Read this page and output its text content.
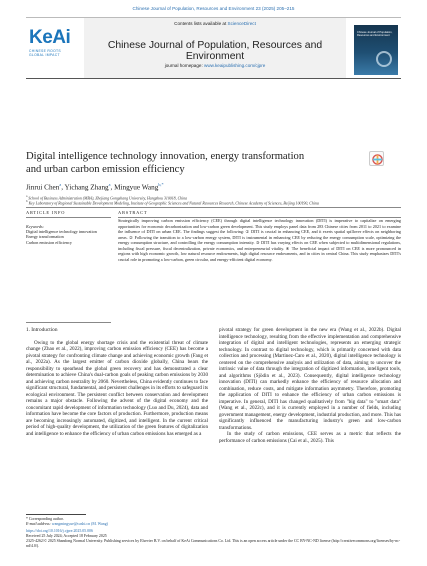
Chinese Journal of Population, Resources and Environment 23 (2025) 205–215
KeAi
CHINESE ROOTS
GLOBAL IMPACT
Contents lists available at ScienceDirect
Chinese Journal of Population, Resources and Environment
journal homepage: www.keaipublishing.com/cjpre
Chinese Journal of Population, Resources and Environment
Digital intelligence technology innovation, energy transformation
and urban carbon emission efficiency
Jinrui Chen$^a$, Yichang Zhang$^a$, Mingyue Wang$^{b,*}$
$^a$ School of Business Administration (MBA), Zhejiang Gongshang University, Hangzhou 310018, China
$^b$ Key Laboratory of Regional Sustainable Development Modeling, Institute of Geographic Sciences and Natural Resources Research, Chinese Academy of Sciences, Beijing 100190, China
ARTICLE INFO	ABSTRACT
Keywords:
Digital intelligence technology innovation
Energy transformation
Carbon emission efficiency
Strategically improving carbon emission efficiency (CEE) through digital intelligence technology innovation (DITI) is imperative to capitalize on emerging opportunities for economic decarbonization and low-carbon green development. This study employs panel data from 283 Chinese cities from 2011 to 2021 to examine the influence of DITI on urban CEE. The findings suggest the following: ① DITI is crucial in enhancing CEE, and it exerts spatial spillover effects on neighboring areas. ② Following the transition to a low-carbon energy system, DITI is instrumental in enhancing CEE by reducing the energy consumption scale, optimizing the energy consumption structure, and controlling the energy consumption intensity. ③ DITI has varying effects on CEE when subjected to multidimensional regulations, including fiscal pressure, fiscal decentralization, private economics, and entrepreneurial vitality. ④ The beneficial impact of DITI on CEE is more pronounced in regions with high economic growth, low natural resource endowments, high digital resource endowments, and in cities in central China. This study emphasizes DITI's crucial role in promoting a low-carbon, green circular, and energy-efficient digital economy.
1. Introduction

Owing to the global energy shortage crisis and the existential threat of climate change (Zhao et al., 2022), improving carbon emission efficiency (CEE) has become a pivotal strategy for confronting climate change and achieving economic growth (Fang et al., 2022a). As the largest emitter of carbon dioxide globally, China bears the responsibility to spearhead the global green recovery and has demonstrated a clear determination to achieve China's dual-carbon goals of peaking carbon emissions by 2030 and achieving carbon neutrality by 2060. Nevertheless, China evidently continues to face significant structural, fundamental, and persistent challenges in its efforts to safeguard its ecological environment. The persistent conflict between conservation and development remains a major obstacle. Following the advent of the digital economy and the concomitant rapid development of information technology (Luo and Du, 2024), data and information have become the core factors of production. Furthermore, production means are becoming increasingly automated, digitized, and intelligent. In the current critical period of high-quality development, the utilization of the green features of digitalization and intelligence to enhance the efficiency of urban carbon emissions has emerged as a

pivotal strategy for green development in the new era (Wang et al., 2022b). Digital intelligence technology, resulting from the effective implementation and comprehensive integration of digital and intelligent technologies, represents an emerging strategic technology. In contrast to digital technology, which is primarily concerned with data collection and processing (Martinez-Caro et al., 2020), digital intelligence technology is centered on the comprehensive analysis and utilization of data, aiming to uncover the intrinsic value of data through the integration of digitized information, intelligent tools, and algorithms (Sjödin et al., 2023). Consequently, digital intelligence technology innovation (DITI) can markedly enhance the efficiency of resource allocation and combination, reduce costs, and mitigate information asymmetry. Therefore, promoting the application of DITI to enhance the efficiency of urban carbon emissions is imperative. In general, DITI has changed qualitatively from "big data" to "smart data" (Wang et al., 2022c), and it is currently employed in a number of fields, including government management, energy development, industrial production, and more. This has significantly influenced the manufacturing industry's green and low-carbon transformations.

In the study of carbon emissions, CEE serves as a metric that reflects the performance of carbon emissions (Cai et al., 2025). This

* Corresponding author.
E-mail address: wangmingyue@cashi.cn (M. Wang)
https://doi.org/10.1016/j.cjpre.2025.05.006
Received 25 July 2024; Accepted 18 February 2025
2325-4262/© 2025 Shandong Normal University. Publishing services by Elsevier B.V. on behalf of KeAi Communications Co. Ltd. This is an open access article under the CC BY-NC-ND license (http://creativecommons.org/licenses/by-nc-nd/4.0/).
